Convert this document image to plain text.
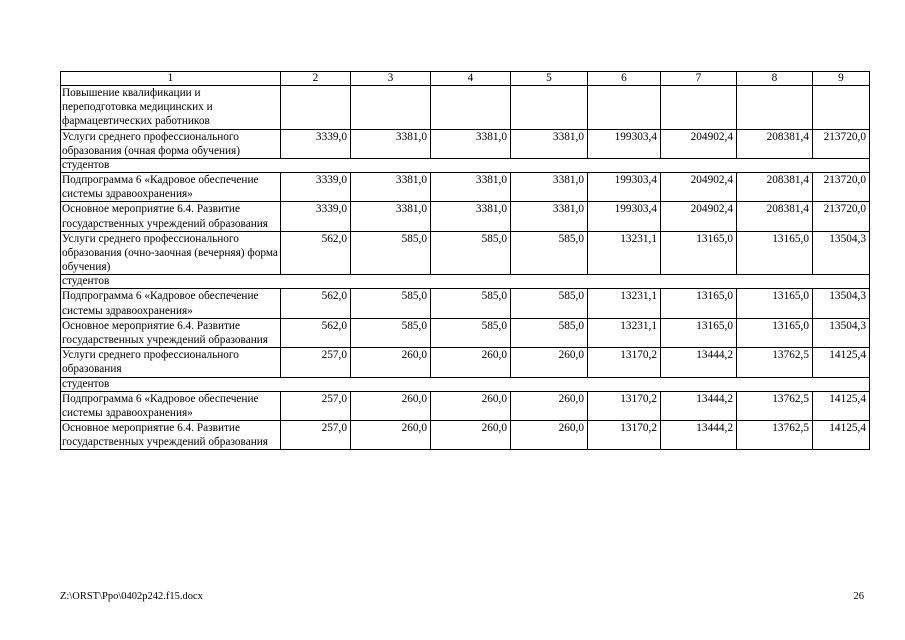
1	2	3	4	5	6	7	8	9
Повышение квалификации и переподготовка медицинских и фармацевтических работников								
Услуги среднего профессионального образования (очная форма обучения)	3339,0	3381,0	3381,0	3381,0	199303,4	204902,4	208381,4	213720,0
студентов								
Подпрограмма 6 «Кадровое обеспечение системы здравоохранения»	3339,0	3381,0	3381,0	3381,0	199303,4	204902,4	208381,4	213720,0
Основное мероприятие 6.4. Развитие государственных учреждений образования	3339,0	3381,0	3381,0	3381,0	199303,4	204902,4	208381,4	213720,0
Услуги среднего профессионального образования (очно-заочная (вечерняя) форма обучения)	562,0	585,0	585,0	585,0	13231,1	13165,0	13165,0	13504,3
студентов								
Подпрограмма 6 «Кадровое обеспечение системы здравоохранения»	562,0	585,0	585,0	585,0	13231,1	13165,0	13165,0	13504,3
Основное мероприятие 6.4. Развитие государственных учреждений образования	562,0	585,0	585,0	585,0	13231,1	13165,0	13165,0	13504,3
Услуги среднего профессионального образования	257,0	260,0	260,0	260,0	13170,2	13444,2	13762,5	14125,4
студентов								
Подпрограмма 6 «Кадровое обеспечение системы здравоохранения»	257,0	260,0	260,0	260,0	13170,2	13444,2	13762,5	14125,4
Основное мероприятие 6.4. Развитие государственных учреждений образования	257,0	260,0	260,0	260,0	13170,2	13444,2	13762,5	14125,4
Z:\ORST\Ppo\0402p242.f15.docx	26
